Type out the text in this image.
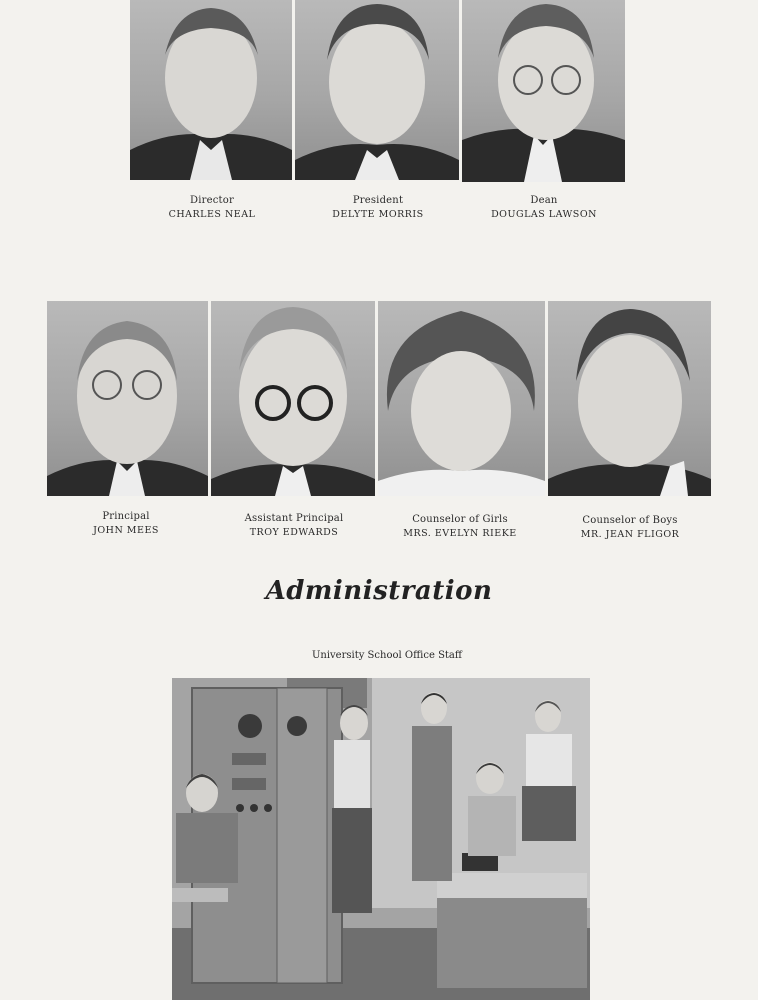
Director
CHARLES NEAL
President
DELYTE MORRIS
Dean
DOUGLAS LAWSON
Principal
JOHN MEES
Assistant Principal
TROY EDWARDS
Counselor of Girls
MRS. EVELYN RIEKE
Counselor of Boys
MR. JEAN FLIGOR
Administration
University School Office Staff
